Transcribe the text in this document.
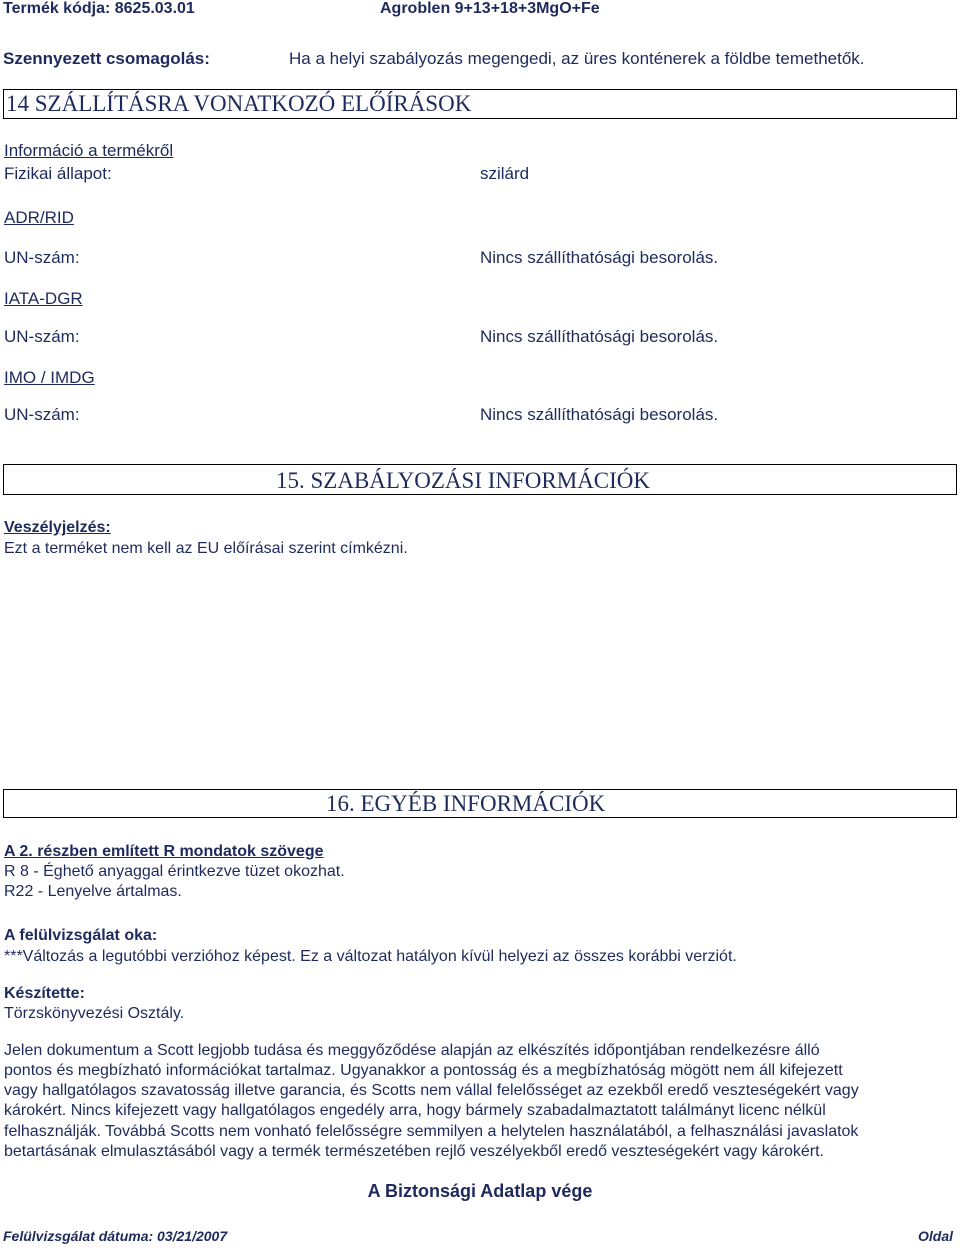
Termék kódja: 8625.03.01	Agroblen 9+13+18+3MgO+Fe
Szennyezett csomagolás:	Ha a helyi szabályozás megengedi, az üres konténerek a földbe temethetők.
14 SZÁLLÍTÁSRA VONATKOZÓ ELŐÍRÁSOK
Információ a termékről
Fizikai állapot:	szilárd
ADR/RID
UN-szám:	Nincs szállíthatósági besorolás.
IATA-DGR
UN-szám:	Nincs szállíthatósági besorolás.
IMO / IMDG
UN-szám:	Nincs szállíthatósági besorolás.
15. SZABÁLYOZÁSI INFORMÁCIÓK
Veszélyjelzés:
Ezt a terméket nem kell az EU előírásai szerint címkézni.
16. EGYÉB INFORMÁCIÓK
A 2. részben említett R mondatok szövege
R 8 - Éghető anyaggal érintkezve tüzet okozhat.
R22 - Lenyelve ártalmas.
A felülvizsgálat oka:
***Változás a legutóbbi verzióhoz képest. Ez a változat hatályon kívül helyezi az összes korábbi verziót.
Készítette:
Törzskönyvezési Osztály.
Jelen dokumentum a Scott legjobb tudása és meggyőződése alapján az elkészítés időpontjában rendelkezésre álló
pontos és megbízható információkat tartalmaz. Ugyanakkor a pontosság és a megbízhatóság mögött nem áll kifejezett
vagy hallgatólagos szavatosság illetve garancia, és Scotts nem vállal felelősséget az ezekből eredő veszteségekért vagy
károkért. Nincs kifejezett vagy hallgatólagos engedély arra, hogy bármely szabadalmaztatott találmányt licenc nélkül
felhasználják. Továbbá Scotts nem vonható felelősségre semmilyen a helytelen használatából, a felhasználási javaslatok
betartásának elmulasztásából vagy a termék természetében rejlő veszélyekből eredő veszteségekért vagy károkért.
A Biztonsági Adatlap vége
Felülvizsgálat dátuma: 03/21/2007	Oldal
